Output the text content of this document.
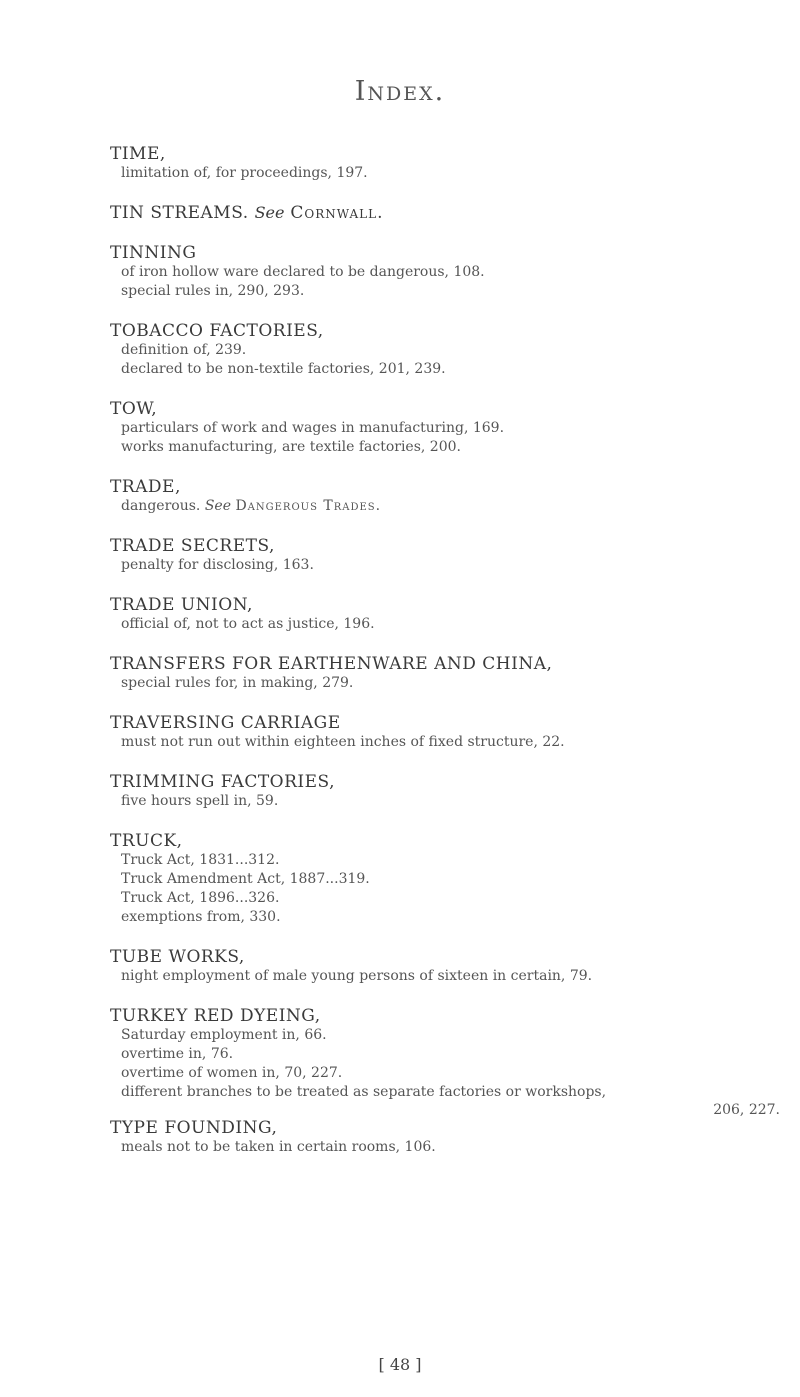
Index.
TIME,
limitation of, for proceedings, 197.
TIN STREAMS. See Cornwall.
TINNING
of iron hollow ware declared to be dangerous, 108.
special rules in, 290, 293.
TOBACCO FACTORIES,
definition of, 239.
declared to be non-textile factories, 201, 239.
TOW,
particulars of work and wages in manufacturing, 169.
works manufacturing, are textile factories, 200.
TRADE,
dangerous. See Dangerous Trades.
TRADE SECRETS,
penalty for disclosing, 163.
TRADE UNION,
official of, not to act as justice, 196.
TRANSFERS FOR EARTHENWARE AND CHINA,
special rules for, in making, 279.
TRAVERSING CARRIAGE
must not run out within eighteen inches of fixed structure, 22.
TRIMMING FACTORIES,
five hours spell in, 59.
TRUCK,
Truck Act, 1831...312.
Truck Amendment Act, 1887...319.
Truck Act, 1896...326.
exemptions from, 330.
TUBE WORKS,
night employment of male young persons of sixteen in certain, 79.
TURKEY RED DYEING,
Saturday employment in, 66.
overtime in, 76.
overtime of women in, 70, 227.
different branches to be treated as separate factories or workshops,
206, 227.
TYPE FOUNDING,
meals not to be taken in certain rooms, 106.
[ 48 ]
